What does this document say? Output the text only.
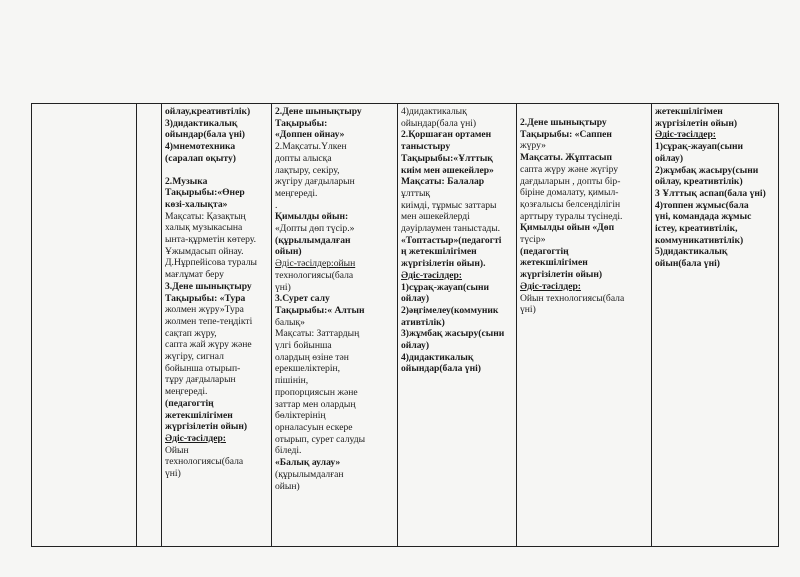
ойлау,креативтілік)
3)дидактикалық
ойындар(бала үні)
4)мнемотехника
(саралап оқыту)
2.Музыка
Тақырыбы:«Өнер
көзі-халықта»
Мақсаты: Қазақтың
халық музыкасына
ынта-құрметін көтеру.
Ұжымдасып ойнау.
Д.Нұрпейісова туралы
мағлұмат беру
3.Дене шынықтыру
Тақырыбы: «Тура
жолмен жүру»Тура
жолмен тепе-теңдікті
сақтап жүру,
сапта жай жүру және
жүгіру, сигнал
бойынша отырып-
тұру дағдыларын
меңгереді.
(педагогтің
жетекшілігімен
жүргізілетін ойын)
Әдіс-тәсілдер:
Ойын
технологиясы(бала
үні)

2.Дене шынықтыру
Тақырыбы:
«Доппен ойнау»
2.Мақсаты.Үлкен
допты алысқа
лақтыру, секіру,
жүгіру дағдыларын
меңгереді.
.
Қимылды ойын:
«Допты дөп түсір.»
(құрылымдалған
ойын)
Әдіс-тәсілдер:ойын
технологиясы(бала
үні)
3.Сурет салу
Тақырыбы:« Алтын
балық»
Мақсаты: Заттардың
үлгі бойынша
олардың өзіне тән
ерекшеліктерін,
пішінін,
пропорциясын және
заттар мен олардың
бөліктерінің
орналасуын ескере
отырып, сурет салуды
біледі.
«Балық аулау»
(құрылымдалған
ойын)

4)дидактикалық
ойындар(бала үні)
2.Қоршаған ортамен
таныстыру
Тақырыбы:«Ұлттық
киім мен әшекейлер»
Мақсаты: Балалар
ұлттық
киімді, тұрмыс заттары
мен әшекейлерді
дәуірлаумен таныстады.
«Топтастыр»(педагогті
ң жетекшілігімен
жүргізілетін ойын).
Әдіс-тәсілдер:
1)сұрақ-жауап(сыни
ойлау)
2)әңгімелеу(коммуник
ативтілік)
3)жұмбақ жасыру(сыни
ойлау)
4)дидактикалық
ойындар(бала үні)

2.Дене шынықтыру
Тақырыбы: «Саппен
жүру»
Мақсаты. Жұптасып
сапта жүру және жүгіру
дағдыларын , допты бір-
біріне домалату, қимыл-
қозғалысы белсенділігін
арттыру туралы түсінеді.
Қимылды ойын «Дөп
түсір»
(педагогтің
жетекшілігімен
жүргізілетін ойын)
Әдіс-тәсілдер:
Ойын технологиясы(бала
үні)

жетекшілігімен
жүргізілетін ойын)
Әдіс-тәсілдер:
1)сұрақ-жауап(сыни
ойлау)
2)жұмбақ жасыру(сыни
ойлау, креативтілік)
3 Ұлттық аспап(бала үні)
4)топпен жұмыс(бала
үні, командада жұмыс
істеу, креативтілік,
коммуникативтілік)
5)дидактикалық
ойын(бала үні)
